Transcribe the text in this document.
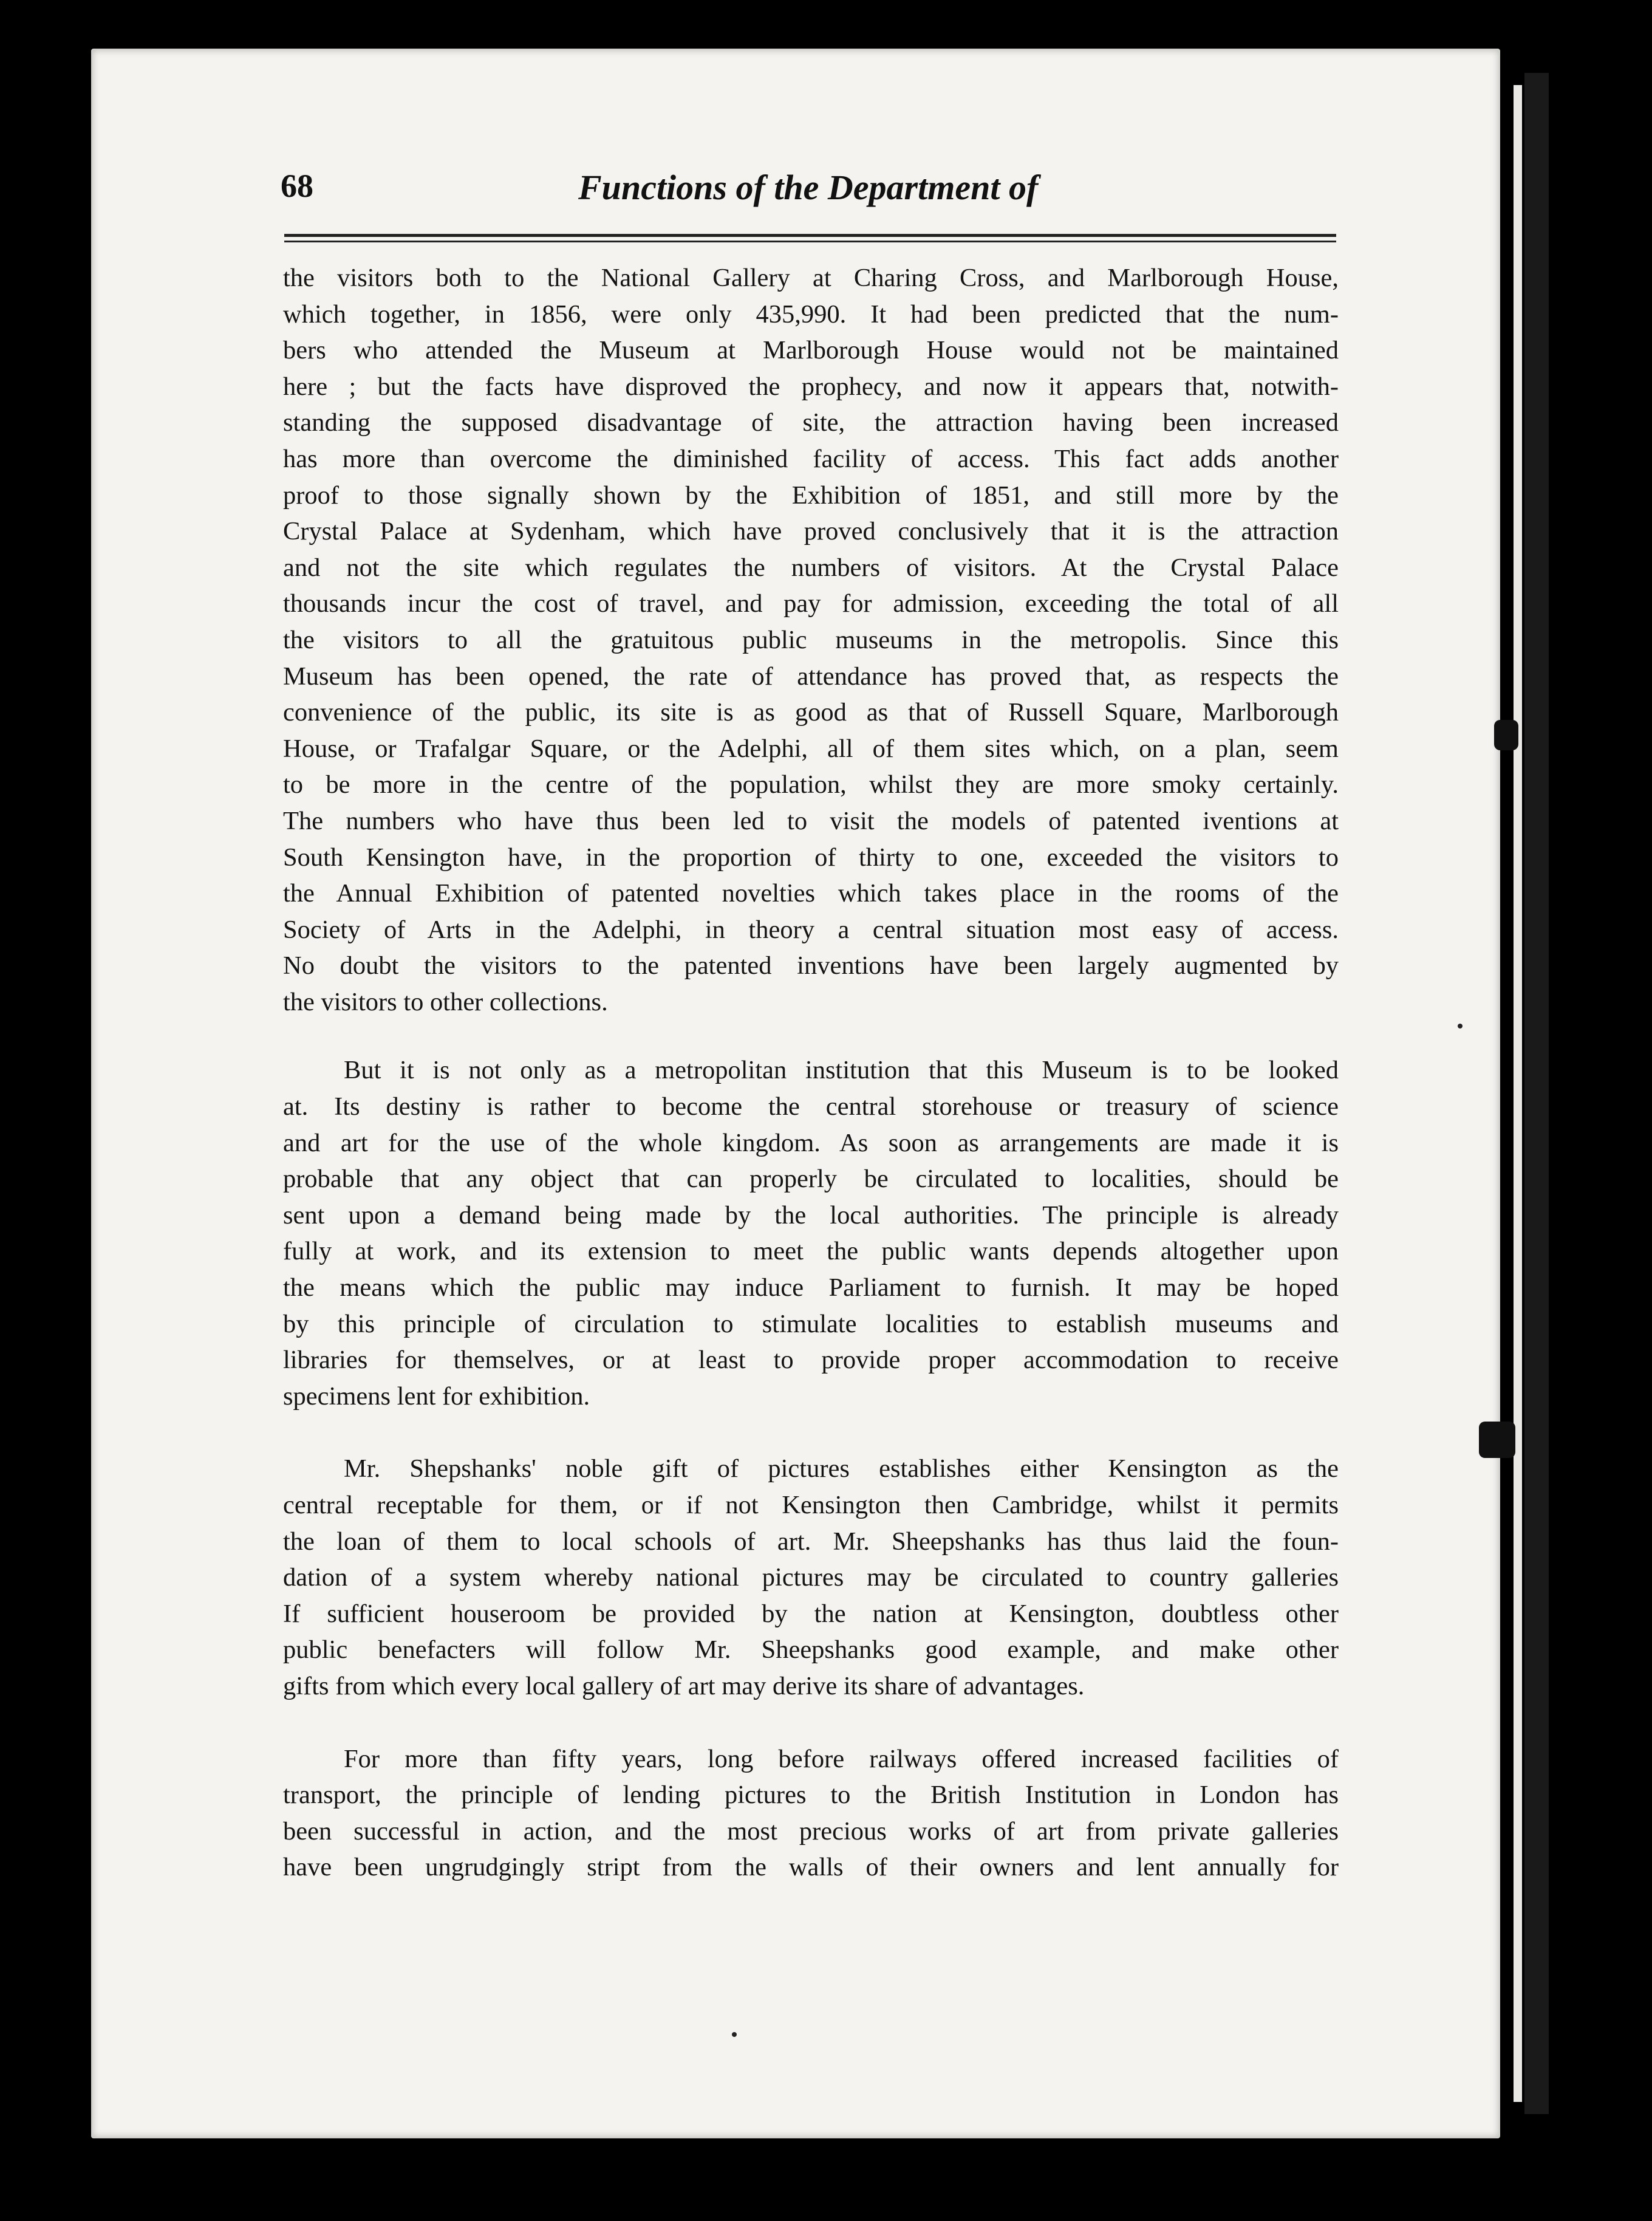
68	Functions of the Department of
the visitors both to the National Gallery at Charing Cross, and Marlborough House,
which together, in 1856, were only 435,990. It had been predicted that the num-
bers who attended the Museum at Marlborough House would not be maintained
here ; but the facts have disproved the prophecy, and now it appears that, notwith-
standing the supposed disadvantage of site, the attraction having been increased
has more than overcome the diminished facility of access. This fact adds another
proof to those signally shown by the Exhibition of 1851, and still more by the
Crystal Palace at Sydenham, which have proved conclusively that it is the attraction
and not the site which regulates the numbers of visitors. At the Crystal Palace
thousands incur the cost of travel, and pay for admission, exceeding the total of all
the visitors to all the gratuitous public museums in the metropolis. Since this
Museum has been opened, the rate of attendance has proved that, as respects the
convenience of the public, its site is as good as that of Russell Square, Marlborough
House, or Trafalgar Square, or the Adelphi, all of them sites which, on a plan, seem
to be more in the centre of the population, whilst they are more smoky certainly.
The numbers who have thus been led to visit the models of patented iventions at
South Kensington have, in the proportion of thirty to one, exceeded the visitors to
the Annual Exhibition of patented novelties which takes place in the rooms of the
Society of Arts in the Adelphi, in theory a central situation most easy of access.
No doubt the visitors to the patented inventions have been largely augmented by
the visitors to other collections.
But it is not only as a metropolitan institution that this Museum is to be looked
at. Its destiny is rather to become the central storehouse or treasury of science
and art for the use of the whole kingdom. As soon as arrangements are made it is
probable that any object that can properly be circulated to localities, should be
sent upon a demand being made by the local authorities. The principle is already
fully at work, and its extension to meet the public wants depends altogether upon
the means which the public may induce Parliament to furnish. It may be hoped
by this principle of circulation to stimulate localities to establish museums and
libraries for themselves, or at least to provide proper accommodation to receive
specimens lent for exhibition.
Mr. Shepshanks' noble gift of pictures establishes either Kensington as the
central receptable for them, or if not Kensington then Cambridge, whilst it permits
the loan of them to local schools of art. Mr. Sheepshanks has thus laid the foun-
dation of a system whereby national pictures may be circulated to country galleries
If sufficient houseroom be provided by the nation at Kensington, doubtless other
public benefacters will follow Mr. Sheepshanks good example, and make other
gifts from which every local gallery of art may derive its share of advantages.
For more than fifty years, long before railways offered increased facilities of
transport, the principle of lending pictures to the British Institution in London has
been successful in action, and the most precious works of art from private galleries
have been ungrudgingly stript from the walls of their owners and lent annually for
